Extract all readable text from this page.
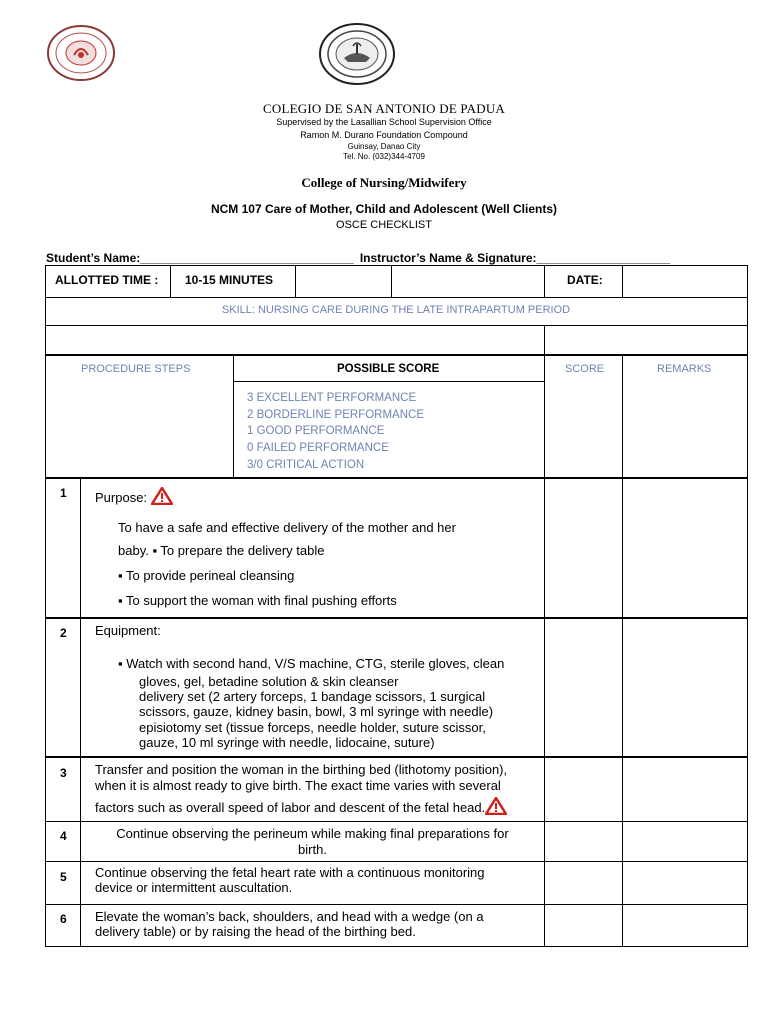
COLEGIO DE SAN ANTONIO DE PADUA
Supervised by the Lasallian School Supervision Office
Ramon M. Durano Foundation Compound
Guinsay, Danao City
Tel. No. (032)344-4709
College of Nursing/Midwifery
NCM 107 Care of Mother, Child and Adolescent (Well Clients)
OSCE CHECKLIST
Student’s Name:________________________________ Instructor’s Name & Signature:____________________
ALLOTTED TIME : 10-15 MINUTES	DATE:
SKILL: NURSING CARE DURING THE LATE INTRAPARTUM PERIOD
PROCEDURE STEPS	POSSIBLE SCORE	SCORE	REMARKS
3 EXCELLENT PERFORMANCE
2 BORDERLINE PERFORMANCE
1 GOOD PERFORMANCE
0 FAILED PERFORMANCE
3/0 CRITICAL ACTION
1 Purpose:
To have a safe and effective delivery of the mother and her
baby. ▪ To prepare the delivery table
▪ To provide perineal cleansing
▪ To support the woman with final pushing efforts
2 Equipment:
▪ Watch with second hand, V/S machine, CTG, sterile gloves, clean
gloves, gel, betadine solution & skin cleanser
delivery set (2 artery forceps, 1 bandage scissors, 1 surgical
scissors, gauze, kidney basin, bowl, 3 ml syringe with needle)
episiotomy set (tissue forceps, needle holder, suture scissor,
gauze, 10 ml syringe with needle, lidocaine, suture)
3 Transfer and position the woman in the birthing bed (lithotomy position),
when it is almost ready to give birth. The exact time varies with several
factors such as overall speed of labor and descent of the fetal head.
4	Continue observing the perineum while making final preparations for
birth.
5 Continue observing the fetal heart rate with a continuous monitoring
device or intermittent auscultation.
6 Elevate the woman’s back, shoulders, and head with a wedge (on a
delivery table) or by raising the head of the birthing bed.
